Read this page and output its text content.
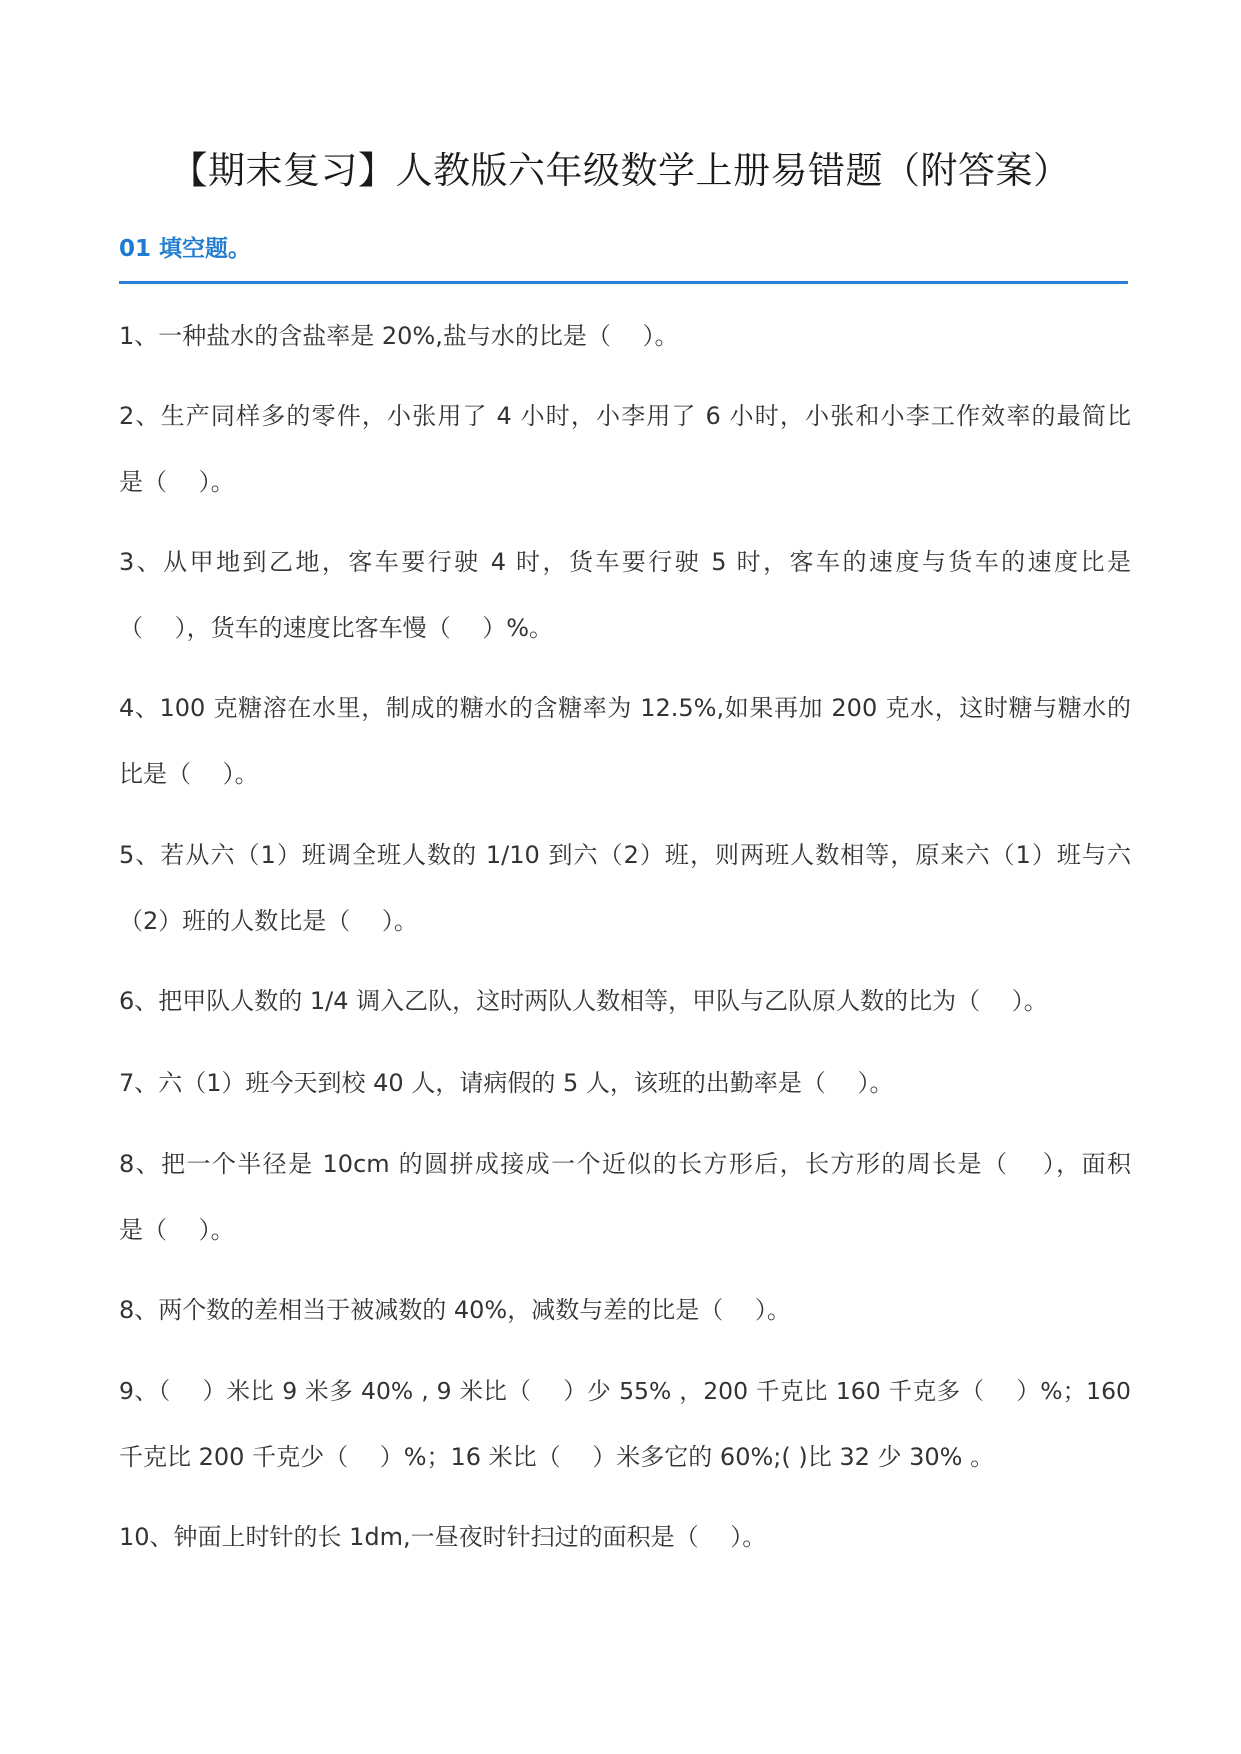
【期末复习】人教版六年级数学上册易错题（附答案）
01 填空题。
1、一种盐水的含盐率是 20%,盐与水的比是（　 ）。
2、生产同样多的零件，小张用了 4 小时，小李用了 6 小时，小张和小李工作效率的最简比
是（　 ）。
3、从甲地到乙地，客车要行驶 4 时，货车要行驶 5 时，客车的速度与货车的速度比是
（　 ），货车的速度比客车慢（　 ）%。
4、100 克糖溶在水里，制成的糖水的含糖率为 12.5%,如果再加 200 克水，这时糖与糖水的
比是（　 ）。
5、若从六（1）班调全班人数的 1/10 到六（2）班，则两班人数相等，原来六（1）班与六
（2）班的人数比是（　 ）。
6、把甲队人数的 1/4 调入乙队，这时两队人数相等，甲队与乙队原人数的比为（　 ）。
7、六（1）班今天到校 40 人，请病假的 5 人，该班的出勤率是（　 ）。
8、把一个半径是 10cm 的圆拼成接成一个近似的长方形后，长方形的周长是（　 ），面积
是（　 ）。
8、两个数的差相当于被减数的 40%，减数与差的比是（　 ）。
9、（　 ）米比 9 米多 40% , 9 米比（　 ）少 55% ，200 千克比 160 千克多（　 ）%；160
千克比 200 千克少（　 ）%；16 米比（　 ）米多它的 60%;( )比 32 少 30% 。
10、钟面上时针的长 1dm,一昼夜时针扫过的面积是（　 ）。
